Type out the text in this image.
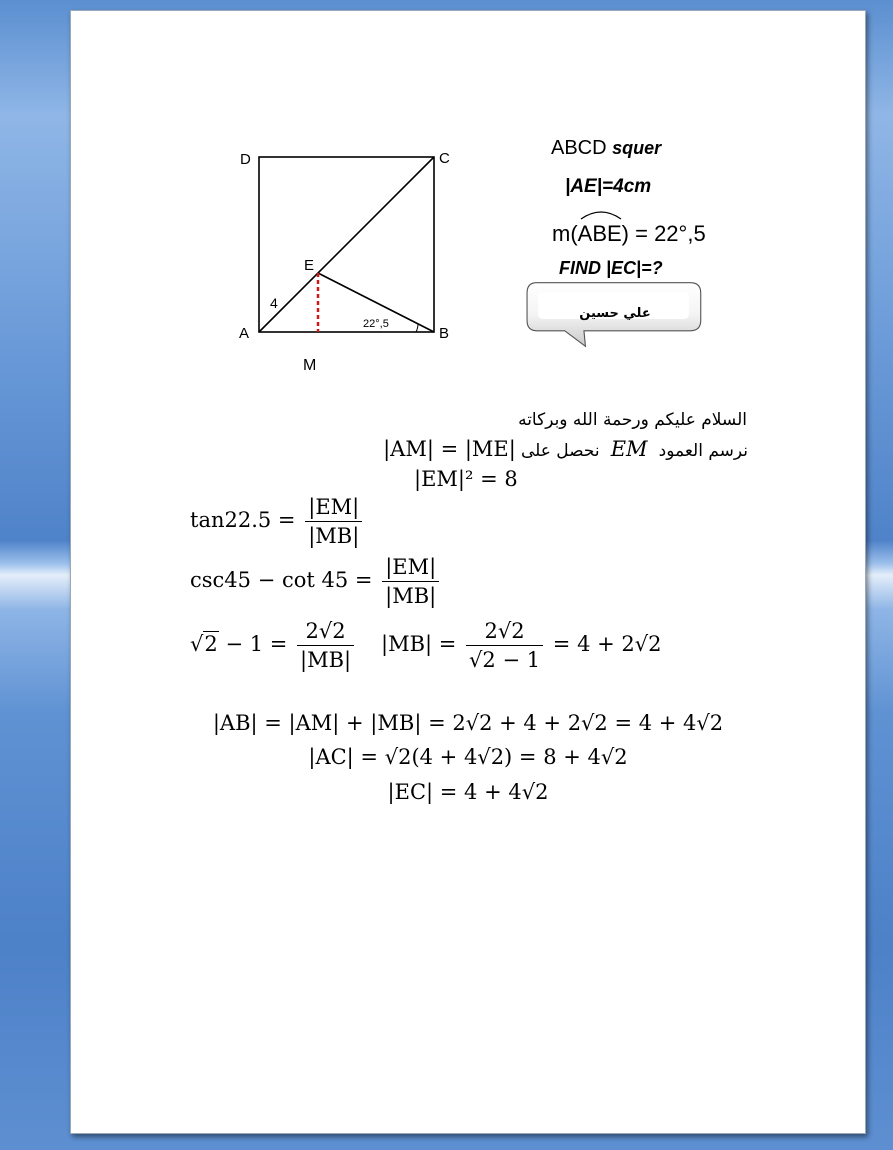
D	C
A	B
E
M
4
22°,5
ABCD squer
|AE|=4cm
m(ABE) = 22°,5
FIND |EC|=?
علي حسين
السلام عليكم ورحمة الله وبركاته
نرسم العمود EM نحصل على |AM| = |ME|
|EM|² = 8
$\tan 22.5 = \frac{|EM|}{|MB|}$
$\csc 45 - \cot 45 = \frac{|EM|}{|MB|}$
$√2 - 1 = \frac{2√2}{|MB|} |MB| = \frac{2√2}{√2 - 1} = 4 + 2√2$
|AB| = |AM| + |MB| = 2√2 + 4 + 2√2 = 4 + 4√2
|AC| = √2(4 + 4√2) = 8 + 4√2
|EC| = 4 + 4√2
